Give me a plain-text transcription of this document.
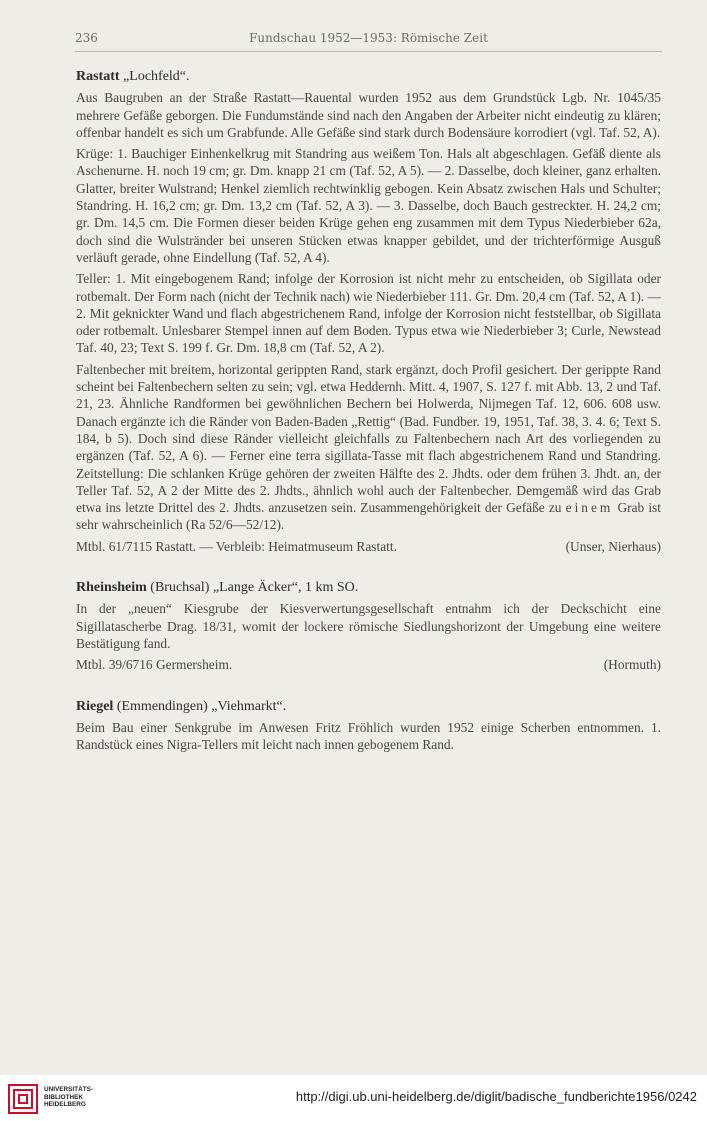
236	Fundschau 1952—1953: Römische Zeit
Rastatt „Lochfeld“.

Aus Baugruben an der Straße Rastatt—Rauental wurden 1952 aus dem Grundstück Lgb. Nr. 1045/35 mehrere Gefäße geborgen. Die Fundumstände sind nach den Angaben der Arbeiter nicht eindeutig zu klären; offenbar handelt es sich um Grabfunde. Alle Gefäße sind stark durch Bodensäure korrodiert (vgl. Taf. 52, A).

Krüge: 1. Bauchiger Einhenkelkrug mit Standring aus weißem Ton. Hals alt abgeschlagen. Gefäß diente als Aschenurne. H. noch 19 cm; gr. Dm. knapp 21 cm (Taf. 52, A 5). — 2. Dasselbe, doch kleiner, ganz erhalten. Glatter, breiter Wulstrand; Henkel ziemlich rechtwinklig gebogen. Kein Absatz zwischen Hals und Schulter; Standring. H. 16,2 cm; gr. Dm. 13,2 cm (Taf. 52, A 3). — 3. Dasselbe, doch Bauch gestreckter. H. 24,2 cm; gr. Dm. 14,5 cm. Die Formen dieser beiden Krüge gehen eng zusammen mit dem Typus Niederbieber 62a, doch sind die Wulstränder bei unseren Stücken etwas knapper gebildet, und der trichterförmige Ausguß verläuft gerade, ohne Eindellung (Taf. 52, A 4).

Teller: 1. Mit eingebogenem Rand; infolge der Korrosion ist nicht mehr zu entscheiden, ob Sigillata oder rotbemalt. Der Form nach (nicht der Technik nach) wie Niederbieber 111. Gr. Dm. 20,4 cm (Taf. 52, A 1). — 2. Mit geknickter Wand und flach abgestrichenem Rand, infolge der Korrosion nicht feststellbar, ob Sigillata oder rotbemalt. Unlesbarer Stempel innen auf dem Boden. Typus etwa wie Niederbieber 3; Curle, Newstead Taf. 40, 23; Text S. 199 f. Gr. Dm. 18,8 cm (Taf. 52, A 2).

Faltenbecher mit breitem, horizontal gerippten Rand, stark ergänzt, doch Profil gesichert. Der gerippte Rand scheint bei Faltenbechern selten zu sein; vgl. etwa Heddernh. Mitt. 4, 1907, S. 127 f. mit Abb. 13, 2 und Taf. 21, 23. Ähnliche Randformen bei gewöhnlichen Bechern bei Holwerda, Nijmegen Taf. 12, 606. 608 usw. Danach ergänzte ich die Ränder von Baden-Baden „Rettig“ (Bad. Fundber. 19, 1951, Taf. 38, 3. 4. 6; Text S. 184, b 5). Doch sind diese Ränder vielleicht gleichfalls zu Faltenbechern nach Art des vorliegenden zu ergänzen (Taf. 52, A 6). — Ferner eine terra sigillata-Tasse mit flach abgestrichenem Rand und Standring. Zeitstellung: Die schlanken Krüge gehören der zweiten Hälfte des 2. Jhdts. oder dem frühen 3. Jhdt. an, der Teller Taf. 52, A 2 der Mitte des 2. Jhdts., ähnlich wohl auch der Faltenbecher. Demgemäß wird das Grab etwa ins letzte Drittel des 2. Jhdts. anzusetzen sein. Zusammengehörigkeit der Gefäße zu einem Grab ist sehr wahrscheinlich (Ra 52/6—52/12).

Mtbl. 61/7115 Rastatt. — Verbleib: Heimatmuseum Rastatt.	(Unser, Nierhaus)

Rheinsheim (Bruchsal) „Lange Äcker“, 1 km SO.

In der „neuen“ Kiesgrube der Kiesverwertungsgesellschaft entnahm ich der Deckschicht eine Sigillatascherbe Drag. 18/31, womit der lockere römische Siedlungshorizont der Umgebung eine weitere Bestätigung fand.

Mtbl. 39/6716 Germersheim.	(Hormuth)

Riegel (Emmendingen) „Viehmarkt“.

Beim Bau einer Senkgrube im Anwesen Fritz Fröhlich wurden 1952 einige Scherben entnommen. 1. Randstück eines Nigra-Tellers mit leicht nach innen gebogenem Rand.

UNIVERSITÄTS-
BIBLIOTHEK
HEIDELBERG
http://digi.ub.uni-heidelberg.de/diglit/badische_fundberichte1956/0242
